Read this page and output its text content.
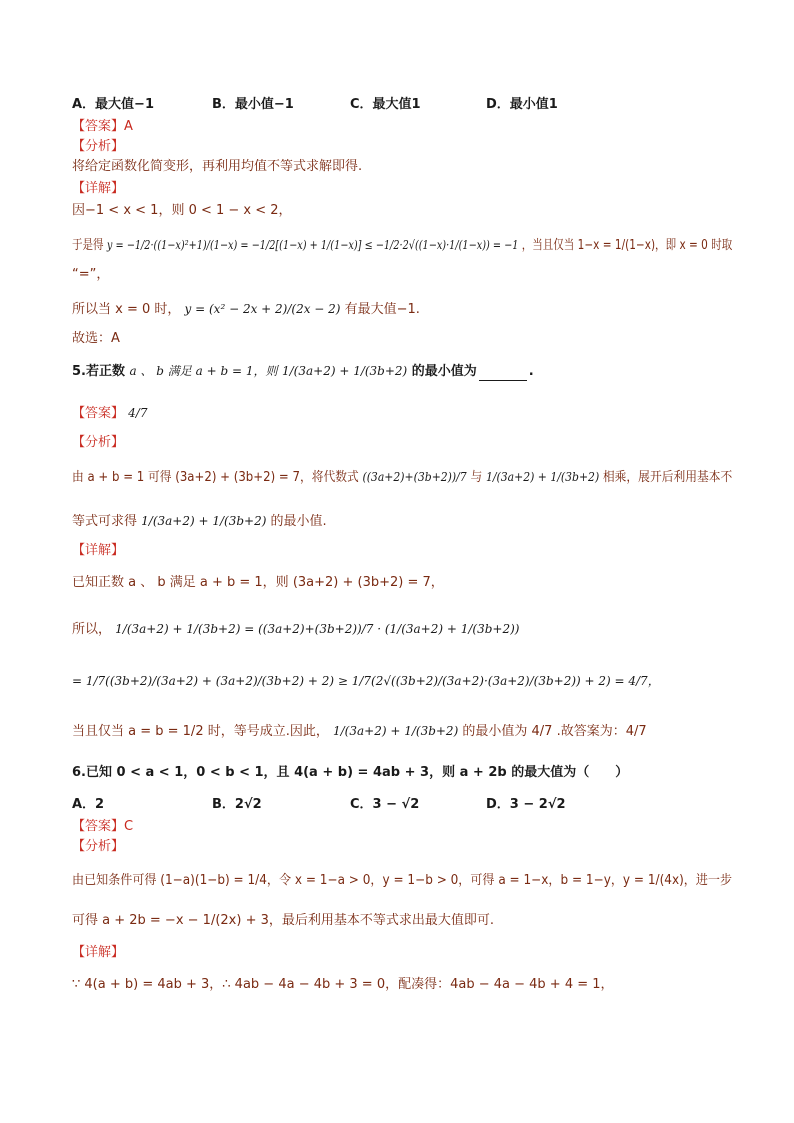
A．最大值−1	B．最小值−1	C．最大值1	D．最小值1
【答案】A
【分析】
将给定函数化简变形，再利用均值不等式求解即得.
【详解】
因−1 < x < 1，则 0 < 1 − x < 2，
于是得 y = −1/2·((1−x)²+1)/(1−x) = −1/2[(1−x) + 1/(1−x)] ≤ −1/2·2√((1−x)·1/(1−x)) = −1 ，当且仅当 1−x = 1/(1−x)，即 x = 0 时取
“=”，
所以当 x = 0 时， y = (x² − 2x + 2)/(2x − 2) 有最大值−1.
故选：A
5.若正数 a 、 b 满足 a + b = 1，则 1/(3a+2) + 1/(3b+2) 的最小值为	.
【答案】 4/7
【分析】
由 a + b = 1 可得 (3a+2) + (3b+2) = 7，将代数式 ((3a+2)+(3b+2))/7 与 1/(3a+2) + 1/(3b+2) 相乘，展开后利用基本不
等式可求得 1/(3a+2) + 1/(3b+2) 的最小值.
【详解】
已知正数 a 、 b 满足 a + b = 1，则 (3a+2) + (3b+2) = 7，
所以， 1/(3a+2) + 1/(3b+2) = ((3a+2)+(3b+2))/7 · (1/(3a+2) + 1/(3b+2))
= 1/7((3b+2)/(3a+2) + (3a+2)/(3b+2) + 2) ≥ 1/7(2√((3b+2)/(3a+2)·(3a+2)/(3b+2)) + 2) = 4/7，
当且仅当 a = b = 1/2 时，等号成立.因此， 1/(3a+2) + 1/(3b+2) 的最小值为 4/7 .故答案为：4/7
6.已知 0 < a < 1，0 < b < 1，且 4(a + b) = 4ab + 3，则 a + 2b 的最大值为（　　）
A．2	B．2√2	C．3 − √2	D．3 − 2√2
【答案】C
【分析】
由已知条件可得 (1−a)(1−b) = 1/4，令 x = 1−a > 0，y = 1−b > 0，可得 a = 1−x，b = 1−y，y = 1/(4x)，进一步
可得 a + 2b = −x − 1/(2x) + 3，最后利用基本不等式求出最大值即可.
【详解】
∵ 4(a + b) = 4ab + 3，∴ 4ab − 4a − 4b + 3 = 0，配凑得：4ab − 4a − 4b + 4 = 1，
